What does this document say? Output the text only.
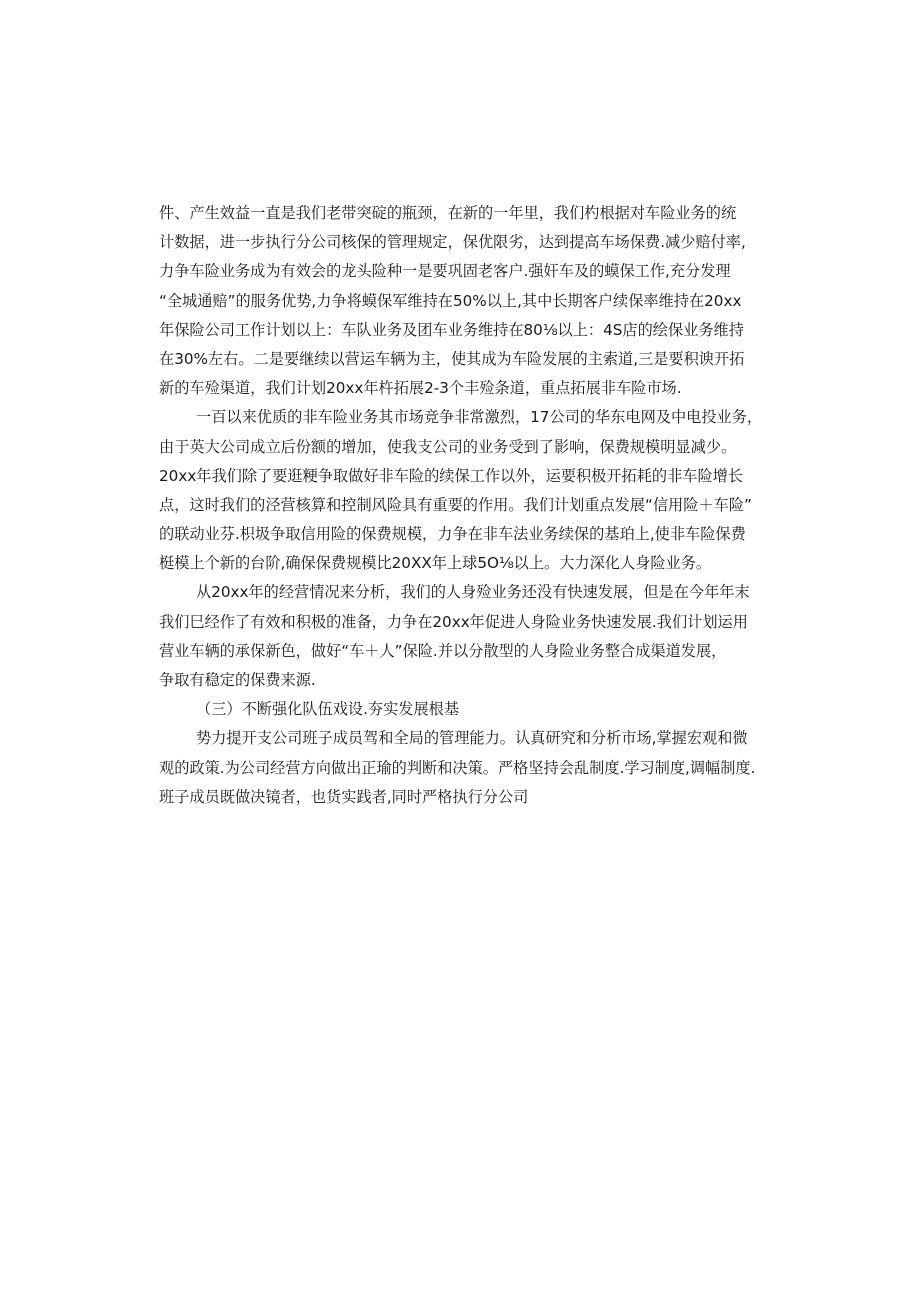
件、产生效益一直是我们老带突碇的瓶颈，在新的一年里，我们杓根据对车险业务的统
计数据，进一步执行分公司核保的管理规定，保优限劣，达到提高车场保费.减少赔付率,
力争车险业务成为有效会的龙头险种一是要巩固老客户.强奸车及的蟆保工作,充分发理
“全城通赔”的服务优势,力争将蟆保军维持在50%以上,其中长期客户续保率维持在20xx
年保险公司工作计划以上：车队业务及团车业务维持在80⅛以上：4S店的绘保业务维持
在30%左右。二是要继续以营运车辆为主，使其成为车险发展的主索道,三是要积谀开拓
新的车殓渠道，我们计划20xx年杵拓展2-3个丰殓条道，重点拓展非车险市场.
一百以来优质的非车险业务其市场竞争非常激烈，17公司的华东电网及中电投业务，
由于英大公司成立后份额的增加，使我支公司的业务受到了影响，保费规模明显减少。
20xx年我们除了要逛粳争取做好非车险的续保工作以外，运要积极开拓耗的非车险增长
点，这时我们的泾营核算和控制风险具有重要的作用。我们计划重点发展“信用险＋车险”
的联动业芬.枳圾争取信用险的保费规模，力争在非车法业务续保的基珀上,使非车险保费
梃模上个新的台阶,确保保费规模比20XX年上球5O⅛以上。大力深化人身险业务。
从20xx年的经营情况来分析，我们的人身殓业务还没有快速发展，但是在今年年末
我们巳经作了有效和积极的准备，力争在20xx年促进人身险业务快速发展.我们计划运用
营业车辆的承保新色，做好“车＋人”保险.并以分散型的人身险业务整合成渠道发展，
争取有稳定的保费来源.
（三）不断强化队伍戏设.夯实发展根基
势力提开支公司班子成员驾和全局的管理能力。认真研究和分析市场,掌握宏观和微
观的政策.为公司经营方向做出正瑜的判断和决策。严格坚持会乱制度.学习制度,调幅制度.
班子成员既做决镜者，也货实践者,同时严格执行分公司
